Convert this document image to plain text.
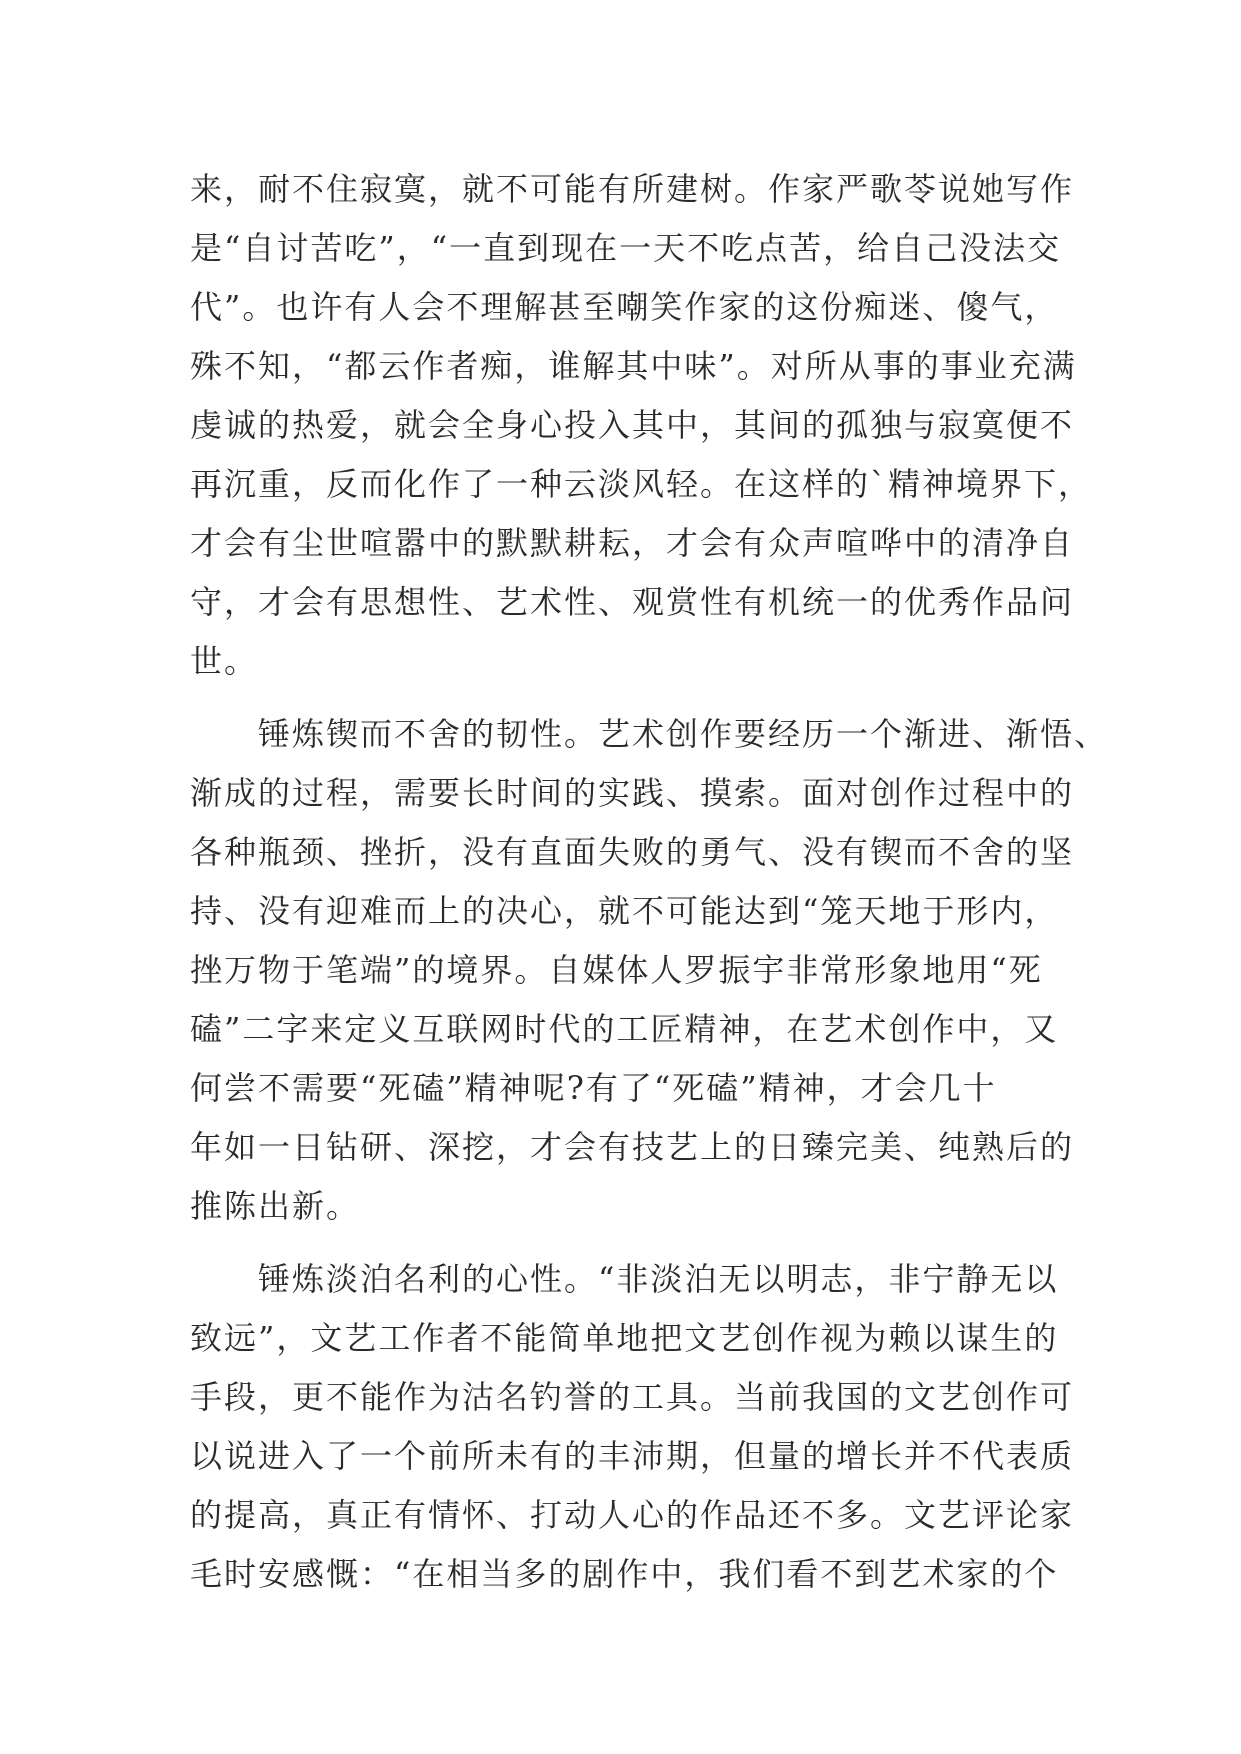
来，耐不住寂寞，就不可能有所建树。作家严歌苓说她写作
是“自讨苦吃”，“一直到现在一天不吃点苦，给自己没法交
代”。也许有人会不理解甚至嘲笑作家的这份痴迷、傻气，
殊不知，“都云作者痴，谁解其中味”。对所从事的事业充满
虔诚的热爱，就会全身心投入其中，其间的孤独与寂寞便不
再沉重，反而化作了一种云淡风轻。在这样的`精神境界下，
才会有尘世喧嚣中的默默耕耘，才会有众声喧哗中的清净自
守，才会有思想性、艺术性、观赏性有机统一的优秀作品问
世。
　　锤炼锲而不舍的韧性。艺术创作要经历一个渐进、渐悟、
渐成的过程，需要长时间的实践、摸索。面对创作过程中的
各种瓶颈、挫折，没有直面失败的勇气、没有锲而不舍的坚
持、没有迎难而上的决心，就不可能达到“笼天地于形内，
挫万物于笔端”的境界。自媒体人罗振宇非常形象地用“死
磕”二字来定义互联网时代的工匠精神，在艺术创作中，又
何尝不需要“死磕”精神呢?有了“死磕”精神，才会几十
年如一日钻研、深挖，才会有技艺上的日臻完美、纯熟后的
推陈出新。
　　锤炼淡泊名利的心性。“非淡泊无以明志，非宁静无以
致远”，文艺工作者不能简单地把文艺创作视为赖以谋生的
手段，更不能作为沽名钓誉的工具。当前我国的文艺创作可
以说进入了一个前所未有的丰沛期，但量的增长并不代表质
的提高，真正有情怀、打动人心的作品还不多。文艺评论家
毛时安感慨：“在相当多的剧作中，我们看不到艺术家的个
